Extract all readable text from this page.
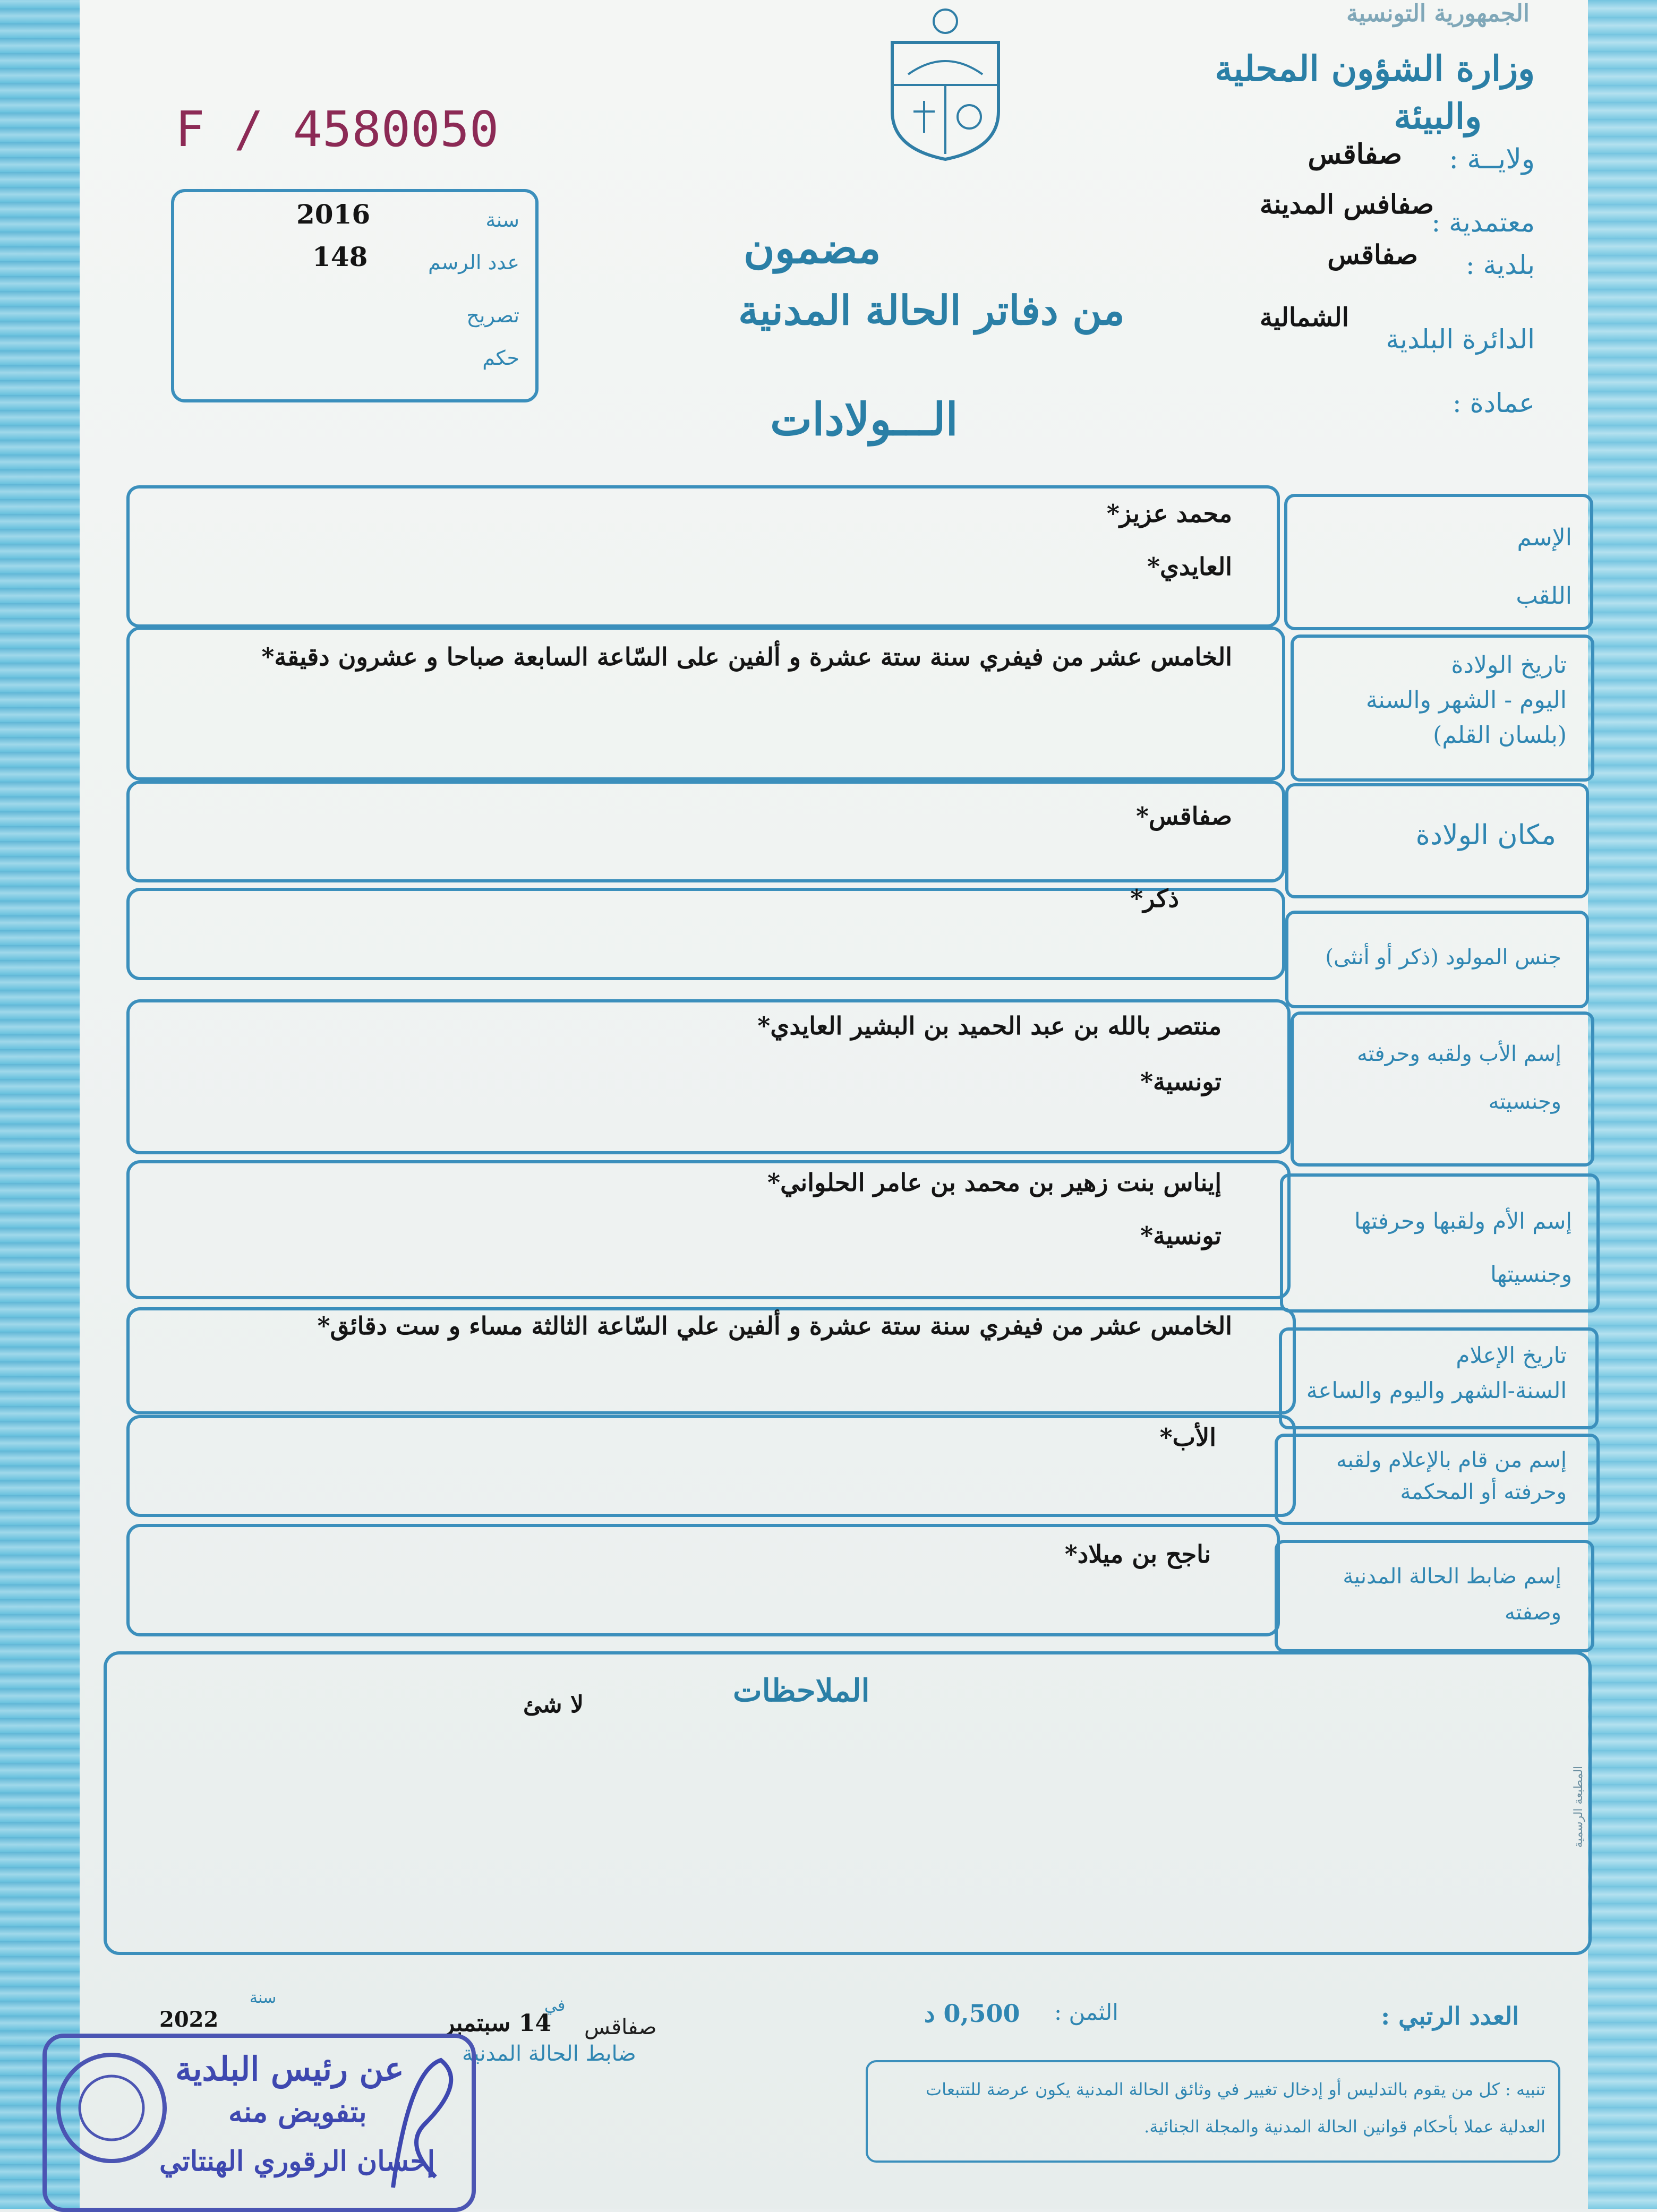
الجمهورية التونسية
وزارة الشؤون المحلية
والبيئة
F / 4580050
سنة
2016
عدد الرسم
148
تصريح
حكم
ولايــة :
صفاقس
معتمدية :
صفافس المدينة
بلدية :
صفاقس
الدائرة البلدية
الشمالية
عمادة :
مضمون
من دفاتر الحالة المدنية
الـــولادات
الإسم
اللقب
محمد عزيز*
العايدي*
تاريخ الولادة
اليوم - الشهر والسنة
(بلسان القلم)
الخامس عشر من فيفري سنة ستة عشرة و ألفين على السّاعة السابعة صباحا و عشرون دقيقة*
مكان الولادة
صفاقس*
جنس المولود (ذكر أو أنثى)
ذكر*
إسم الأب ولقبه وحرفته
وجنسيته
منتصر بالله بن عبد الحميد بن البشير العايدي*
تونسية*
إسم الأم ولقبها وحرفتها
وجنسيتها
إيناس بنت زهير بن محمد بن عامر الحلواني*
تونسية*
تاريخ الإعلام
السنة-الشهر واليوم والساعة
الخامس عشر من فيفري سنة ستة عشرة و ألفين علي السّاعة الثالثة مساء و ست دقائق*
إسم من قام بالإعلام ولقبه
وحرفته أو المحكمة
الأب*
إسم ضابط الحالة المدنية
وصفته
ناجح بن ميلاد*
الملاحظات
لا شئ
سنة
2022
في
14 سبتمبر صفاقس
ضابط الحالة المدنية
الثمن :
0,500 د	العدد الرتبي :
تنبيه : كل من يقوم بالتدليس أو إدخال تغيير في وثائق الحالة المدنية يكون عرضة للتتبعات العدلية عملا بأحكام قوانين الحالة المدنية والمجلة الجنائية.
عن رئيس البلدية
بتفويض منه
إحسان الرقوري الهنتاتي
المطبعة الرسمية
